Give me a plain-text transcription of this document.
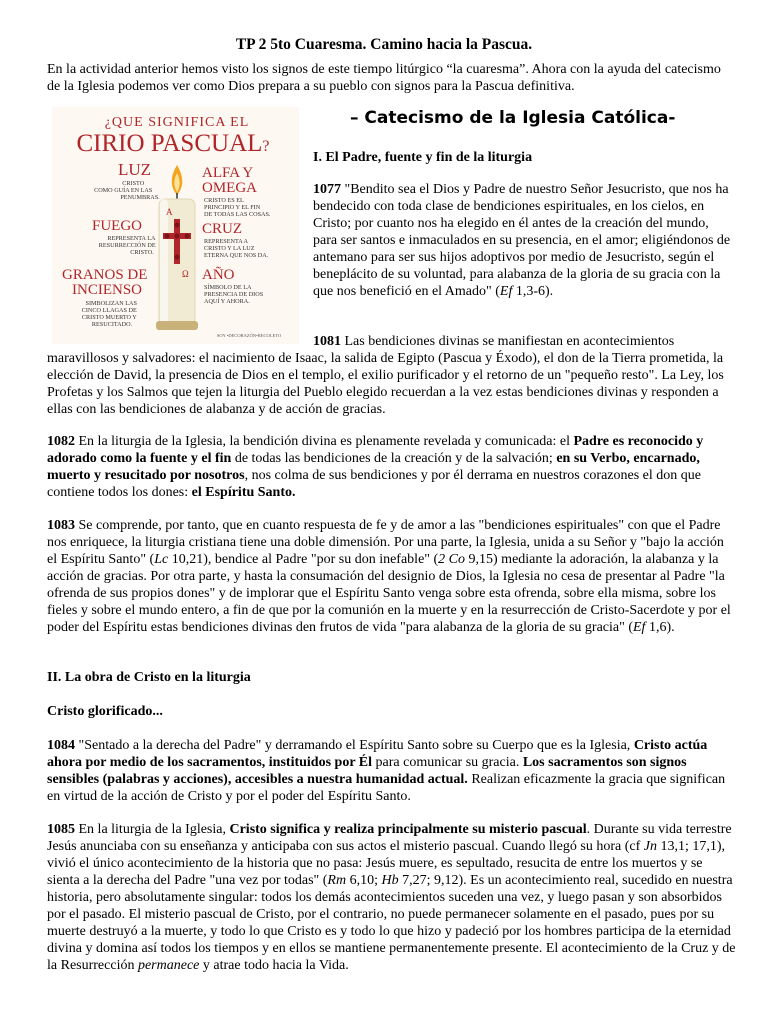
TP 2 5to Cuaresma. Camino hacia la Pascua.

En la actividad anterior hemos visto los signos de este tiempo litúrgico “la cuaresma”. Ahora con la ayuda del catecismo de la Iglesia podemos ver como Dios prepara a su pueblo con signos para la Pascua definitiva.

¿QUE SIGNIFICA EL
CIRIO PASCUAL?
LUZ
CRISTO COMO GUÍA EN LAS PENUMBRAS.
FUEGO
REPRESENTA LA RESURRECCIÓN DE CRISTO.
GRANOS DE INCIENSO
SIMBOLIZAN LAS CINCO LLAGAS DE CRISTO MUERTO Y RESUCITADO.
A
Ω
ALFA Y OMEGA
CRISTO ES EL PRINCIPIO Y EL FIN DE TODAS LAS COSAS.
CRUZ
REPRESENTA A CRISTO Y LA LUZ ETERNA QUE NOS DA.
AÑO
SÍMBOLO DE LA PRESENCIA DE DIOS AQUÍ Y AHORA.
SOY •DECORAZÓN•RECOLETO
– Catecismo de la Iglesia Católica-
I. El Padre, fuente y fin de la liturgia

1077 "Bendito sea el Dios y Padre de nuestro Señor Jesucristo, que nos ha bendecido con toda clase de bendiciones espirituales, en los cielos, en Cristo; por cuanto nos ha elegido en él antes de la creación del mundo, para ser santos e inmaculados en su presencia, en el amor; eligiéndonos de antemano para ser sus hijos adoptivos por medio de Jesucristo, según el beneplácito de su voluntad, para alabanza de la gloria de su gracia con la que nos benefició en el Amado" (Ef 1,3-6).

1081 Las bendiciones divinas se manifiestan en acontecimientos
maravillosos y salvadores: el nacimiento de Isaac, la salida de Egipto (Pascua y Éxodo), el don de la Tierra prometida, la elección de David, la presencia de Dios en el templo, el exilio purificador y el retorno de un "pequeño resto". La Ley, los Profetas y los Salmos que tejen la liturgia del Pueblo elegido recuerdan a la vez estas bendiciones divinas y responden a ellas con las bendiciones de alabanza y de acción de gracias.

1082 En la liturgia de la Iglesia, la bendición divina es plenamente revelada y comunicada: el Padre es reconocido y adorado como la fuente y el fin de todas las bendiciones de la creación y de la salvación; en su Verbo, encarnado, muerto y resucitado por nosotros, nos colma de sus bendiciones y por él derrama en nuestros corazones el don que contiene todos los dones: el Espíritu Santo.

1083 Se comprende, por tanto, que en cuanto respuesta de fe y de amor a las "bendiciones espirituales" con que el Padre nos enriquece, la liturgia cristiana tiene una doble dimensión. Por una parte, la Iglesia, unida a su Señor y "bajo la acción el Espíritu Santo" (Lc 10,21), bendice al Padre "por su don inefable" (2 Co 9,15) mediante la adoración, la alabanza y la acción de gracias. Por otra parte, y hasta la consumación del designio de Dios, la Iglesia no cesa de presentar al Padre "la ofrenda de sus propios dones" y de implorar que el Espíritu Santo venga sobre esta ofrenda, sobre ella misma, sobre los fieles y sobre el mundo entero, a fin de que por la comunión en la muerte y en la resurrección de Cristo-Sacerdote y por el poder del Espíritu estas bendiciones divinas den frutos de vida "para alabanza de la gloria de su gracia" (Ef 1,6).

II. La obra de Cristo en la liturgia
Cristo glorificado...

1084 "Sentado a la derecha del Padre" y derramando el Espíritu Santo sobre su Cuerpo que es la Iglesia, Cristo actúa ahora por medio de los sacramentos, instituidos por Él para comunicar su gracia. Los sacramentos son signos sensibles (palabras y acciones), accesibles a nuestra humanidad actual. Realizan eficazmente la gracia que significan en virtud de la acción de Cristo y por el poder del Espíritu Santo.

1085 En la liturgia de la Iglesia, Cristo significa y realiza principalmente su misterio pascual. Durante su vida terrestre Jesús anunciaba con su enseñanza y anticipaba con sus actos el misterio pascual. Cuando llegó su hora (cf Jn 13,1; 17,1), vivió el único acontecimiento de la historia que no pasa: Jesús muere, es sepultado, resucita de entre los muertos y se sienta a la derecha del Padre "una vez por todas" (Rm 6,10; Hb 7,27; 9,12). Es un acontecimiento real, sucedido en nuestra historia, pero absolutamente singular: todos los demás acontecimientos suceden una vez, y luego pasan y son absorbidos por el pasado. El misterio pascual de Cristo, por el contrario, no puede permanecer solamente en el pasado, pues por su muerte destruyó a la muerte, y todo lo que Cristo es y todo lo que hizo y padeció por los hombres participa de la eternidad divina y domina así todos los tiempos y en ellos se mantiene permanentemente presente. El acontecimiento de la Cruz y de la Resurrección permanece y atrae todo hacia la Vida.
